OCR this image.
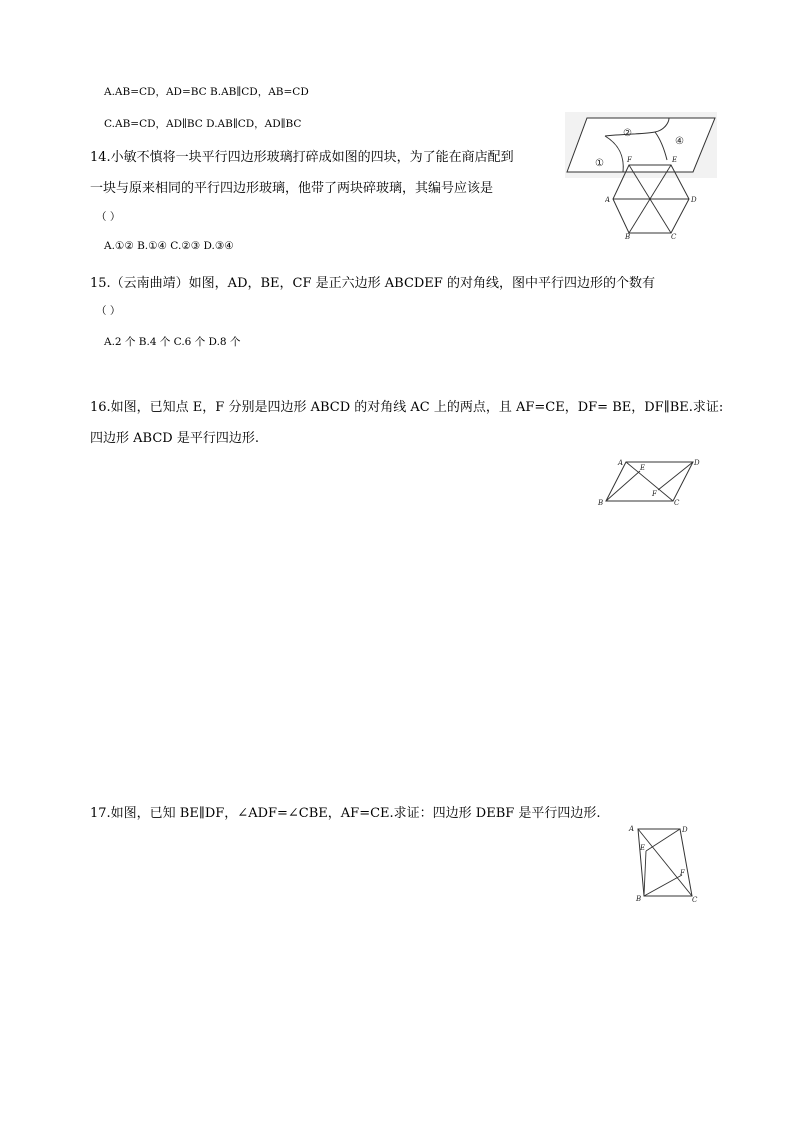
A.AB=CD，AD=BC B.AB∥CD，AB=CD
C.AB=CD，AD∥BC D.AB∥CD，AD∥BC
14.小敏不慎将一块平行四边形玻璃打碎成如图的四块，为了能在商店配到
一块与原来相同的平行四边形玻璃，他带了两块碎玻璃，其编号应该是
（ ）
A.①② B.①④ C.②③ D.③④
②
④
①	F	E
A	D
B	C
15.（云南曲靖）如图，AD，BE，CF 是正六边形 ABCDEF 的对角线，图中平行四边形的个数有
（ ）
A.2 个 B.4 个 C.6 个 D.8 个
16.如图，已知点 E，F 分别是四边形 ABCD 的对角线 AC 上的两点，且 AF=CE，DF= BE，DF∥BE.求证:
四边形 ABCD 是平行四边形.
A	D
E
F
B	C
17.如图，已知 BE∥DF，∠ADF=∠CBE，AF=CE.求证：四边形 DEBF 是平行四边形.
A	D
E
F
B	C
